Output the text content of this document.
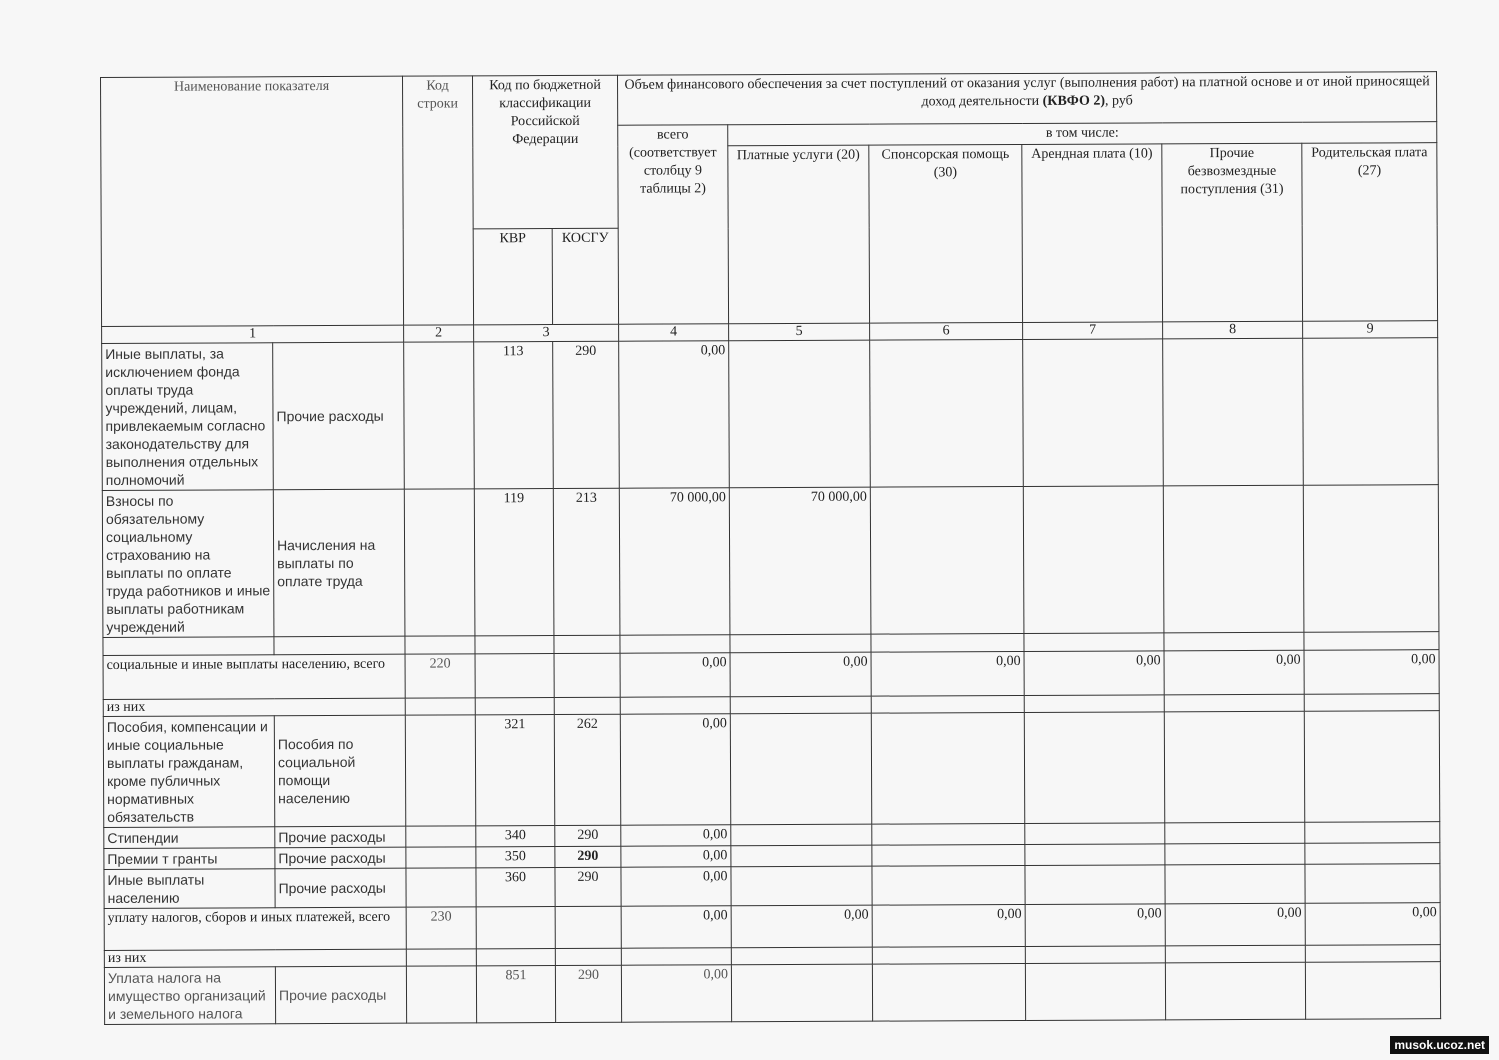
Наименование показателя		Код строки	Код по бюджетной классификации Российской Федерации		Объем финансового обеспечения за счет поступлений от оказания услуг (выполнения работ) на платной основе и от иной приносящей доход деятельности (КВФО 2), руб					
					всего (соответствует столбцу 9 таблицы 2)	в том числе:				
						Платные услуги (20)	Спонсорская помощь (30)	Арендная плата (10)	Прочие безвозмездные поступления (31)	Родительская плата (27)
			КВР	КОСГУ						
1		2	3		4	5	6	7	8	9
Иные выплаты, за исключением фонда оплаты труда учреждений, лицам, привлекаемым согласно законодательству для выполнения отдельных полномочий	Прочие расходы		113	290	0,00					
Взносы по обязательному социальному страхованию на выплаты по оплате труда работников и иные выплаты работникам учреждений	Начисления на выплаты по оплате труда		119	213	70 000,00	70 000,00				

социальные и иные выплаты населению, всего		220			0,00	0,00	0,00	0,00	0,00	0,00
из них										
Пособия, компенсации и иные социальные выплаты гражданам, кроме публичных нормативных обязательств	Пособия по социальной помощи населению		321	262	0,00					
Стипендии	Прочие расходы		340	290	0,00					
Премии т гранты	Прочие расходы		350	290	0,00					
Иные выплаты населению	Прочие расходы		360	290	0,00					
уплату налогов, сборов и иных платежей, всего		230			0,00	0,00	0,00	0,00	0,00	0,00
из них										
Уплата налога на имущество организаций и земельного налога	Прочие расходы		851	290	0,00					
musok.ucoz.net
